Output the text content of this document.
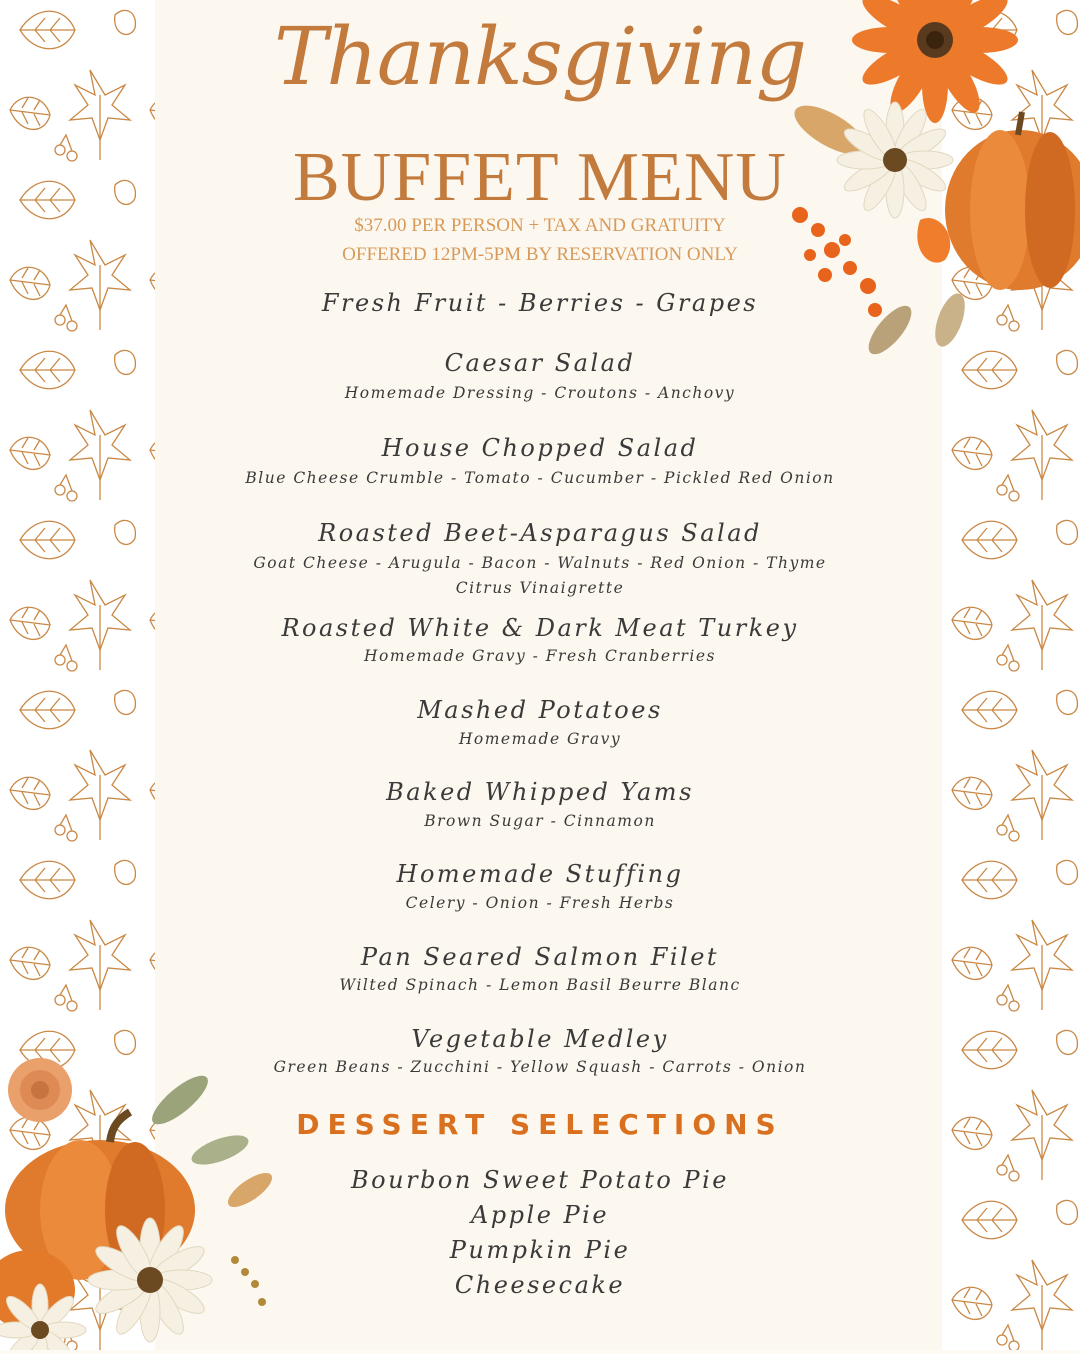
Thanksgiving
BUFFET MENU
$37.00 PER PERSON + TAX AND GRATUITY
OFFERED 12PM-5PM BY RESERVATION ONLY
Fresh Fruit - Berries - Grapes
Caesar Salad
Homemade Dressing - Croutons - Anchovy
House Chopped Salad
Blue Cheese Crumble - Tomato - Cucumber - Pickled Red Onion
Roasted Beet-Asparagus Salad
Goat Cheese - Arugula - Bacon - Walnuts - Red Onion - Thyme
Citrus Vinaigrette
Roasted White & Dark Meat Turkey
Homemade Gravy - Fresh Cranberries
Mashed Potatoes
Homemade Gravy
Baked Whipped Yams
Brown Sugar - Cinnamon
Homemade Stuffing
Celery - Onion - Fresh Herbs
Pan Seared Salmon Filet
Wilted Spinach - Lemon Basil Beurre Blanc
Vegetable Medley
Green Beans - Zucchini - Yellow Squash - Carrots - Onion
DESSERT SELECTIONS
Bourbon Sweet Potato Pie
Apple Pie
Pumpkin Pie
Cheesecake
